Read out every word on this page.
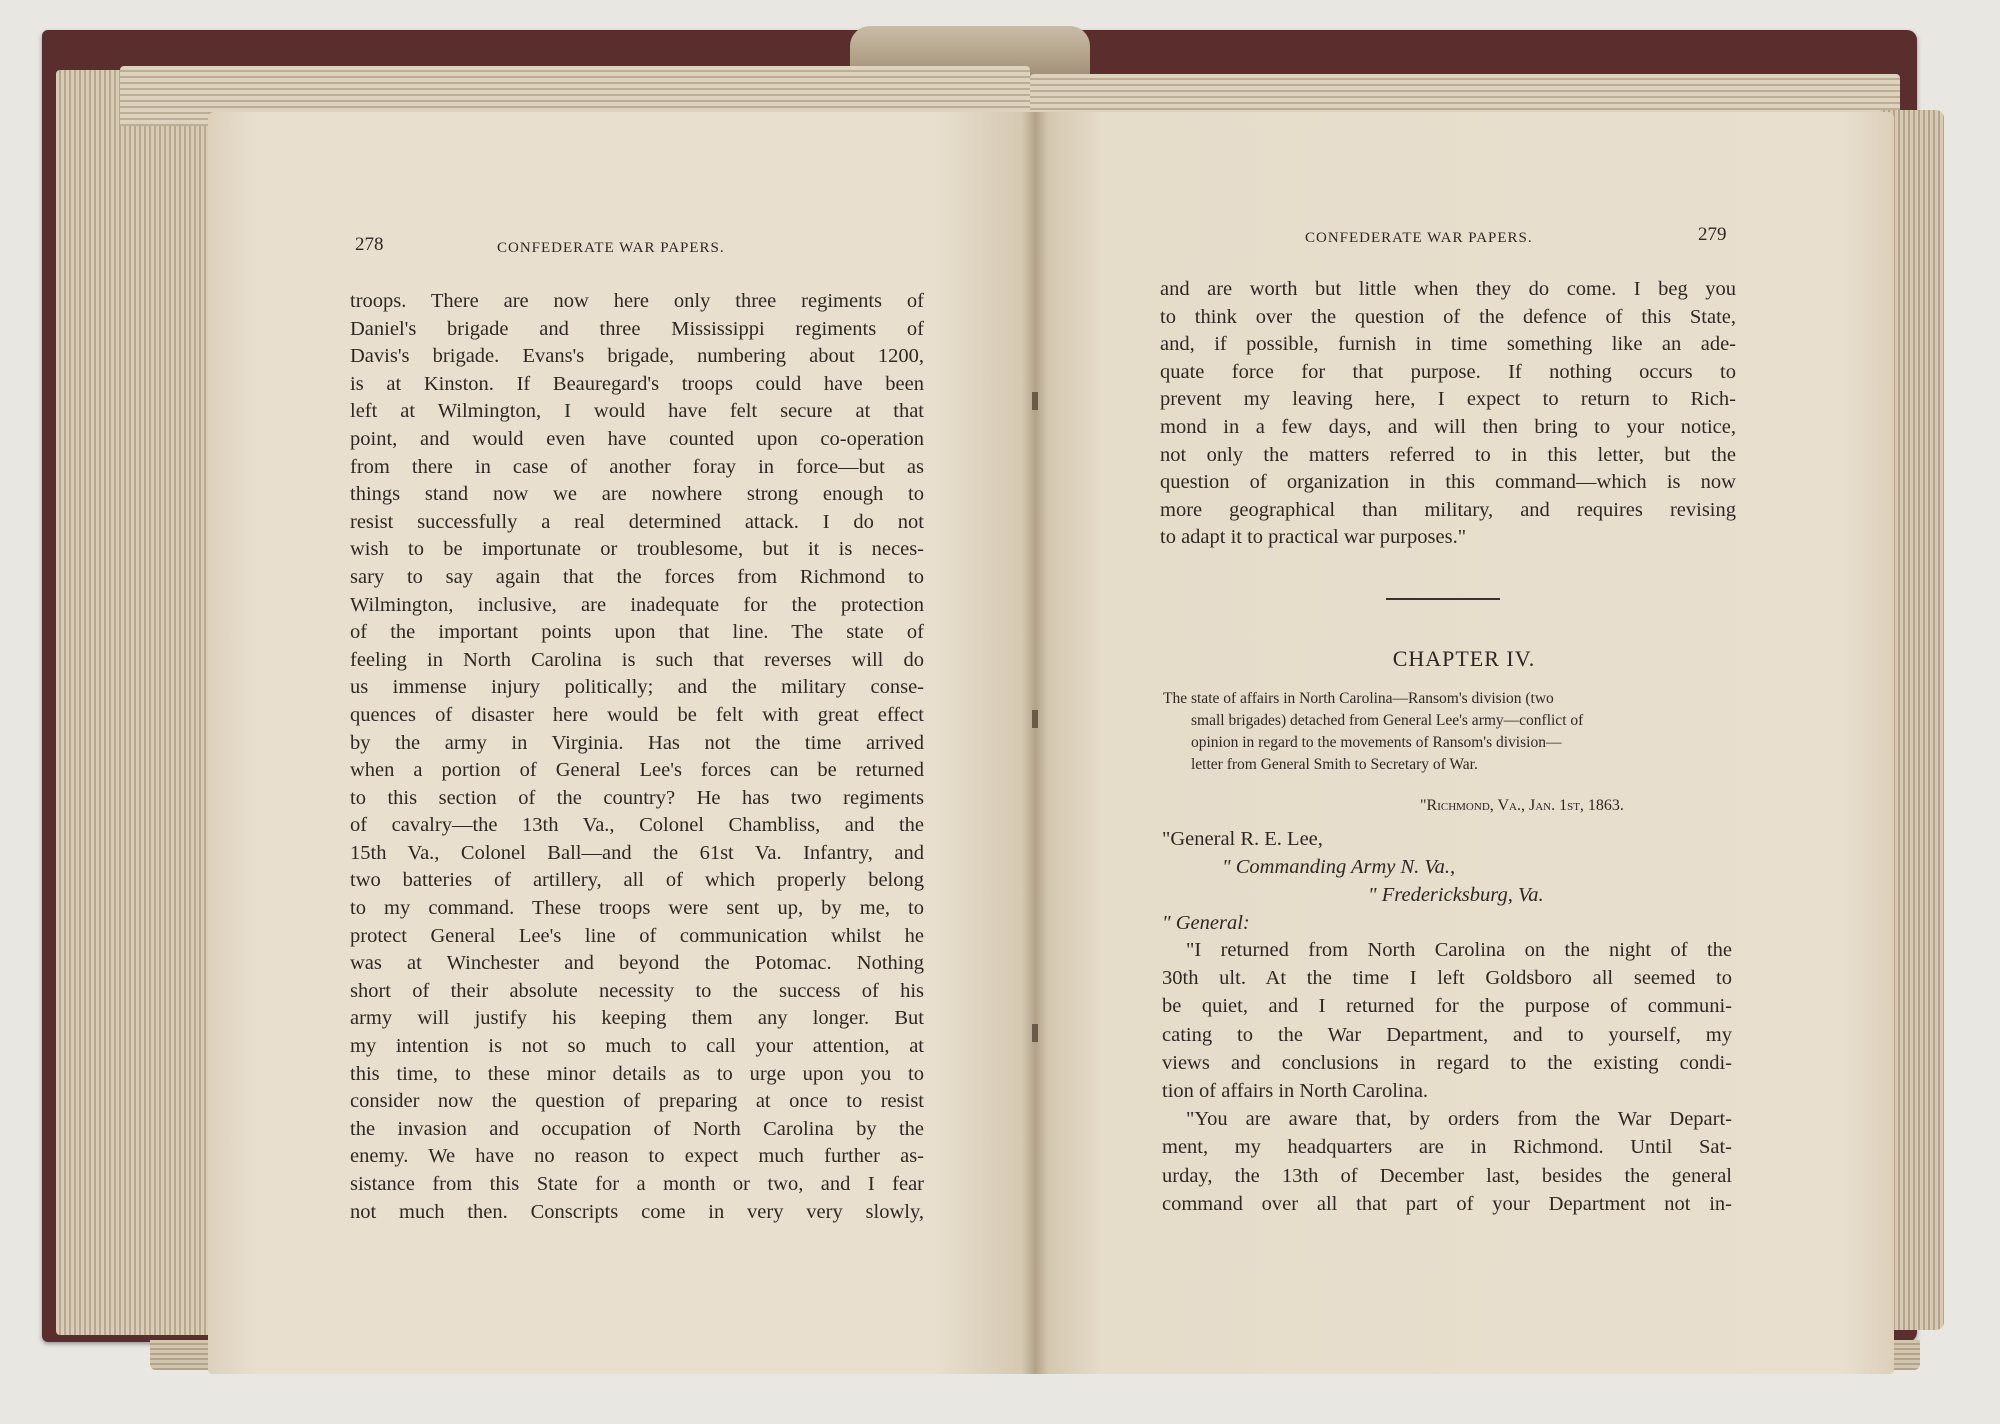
278	CONFEDERATE WAR PAPERS.
troops. There are now here only three regiments of
Daniel's brigade and three Mississippi regiments of
Davis's brigade. Evans's brigade, numbering about 1200,
is at Kinston. If Beauregard's troops could have been
left at Wilmington, I would have felt secure at that
point, and would even have counted upon co-operation
from there in case of another foray in force—but as
things stand now we are nowhere strong enough to
resist successfully a real determined attack. I do not
wish to be importunate or troublesome, but it is neces-
sary to say again that the forces from Richmond to
Wilmington, inclusive, are inadequate for the protection
of the important points upon that line. The state of
feeling in North Carolina is such that reverses will do
us immense injury politically; and the military conse-
quences of disaster here would be felt with great effect
by the army in Virginia. Has not the time arrived
when a portion of General Lee's forces can be returned
to this section of the country? He has two regiments
of cavalry—the 13th Va., Colonel Chambliss, and the
15th Va., Colonel Ball—and the 61st Va. Infantry, and
two batteries of artillery, all of which properly belong
to my command. These troops were sent up, by me, to
protect General Lee's line of communication whilst he
was at Winchester and beyond the Potomac. Nothing
short of their absolute necessity to the success of his
army will justify his keeping them any longer. But
my intention is not so much to call your attention, at
this time, to these minor details as to urge upon you to
consider now the question of preparing at once to resist
the invasion and occupation of North Carolina by the
enemy. We have no reason to expect much further as-
sistance from this State for a month or two, and I fear
not much then. Conscripts come in very very slowly,
CONFEDERATE WAR PAPERS.	279
and are worth but little when they do come. I beg you
to think over the question of the defence of this State,
and, if possible, furnish in time something like an ade-
quate force for that purpose. If nothing occurs to
prevent my leaving here, I expect to return to Rich-
mond in a few days, and will then bring to your notice,
not only the matters referred to in this letter, but the
question of organization in this command—which is now
more geographical than military, and requires revising
to adapt it to practical war purposes."
CHAPTER IV.
The state of affairs in North Carolina—Ransom's division (two
small brigades) detached from General Lee's army—conflict of
opinion in regard to the movements of Ransom's division—
letter from General Smith to Secretary of War.
"Richmond, Va., Jan. 1st, 1863.
"General R. E. Lee,
" Commanding Army N. Va.,
" Fredericksburg, Va.
" General:
"I returned from North Carolina on the night of the
30th ult. At the time I left Goldsboro all seemed to
be quiet, and I returned for the purpose of communi-
cating to the War Department, and to yourself, my
views and conclusions in regard to the existing condi-
tion of affairs in North Carolina.
"You are aware that, by orders from the War Depart-
ment, my headquarters are in Richmond. Until Sat-
urday, the 13th of December last, besides the general
command over all that part of your Department not in-
